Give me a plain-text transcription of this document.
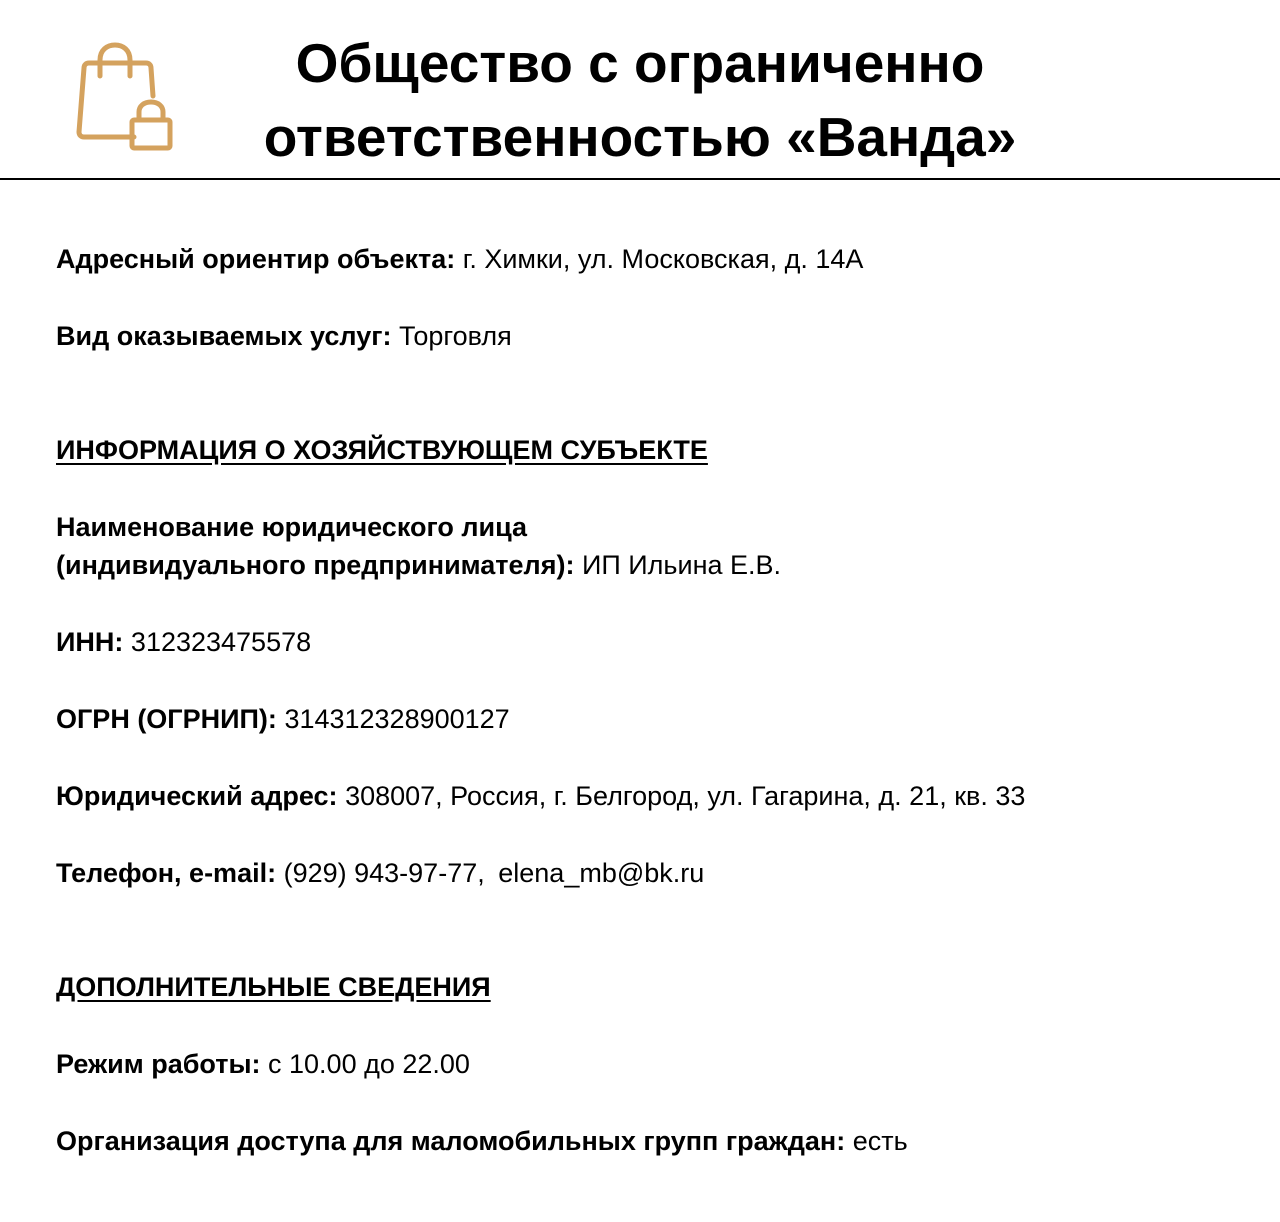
Общество с ограниченно
ответственностью «Ванда»
Адресный ориентир объекта: г. Химки, ул. Московская, д. 14А
Вид оказываемых услуг: Торговля
ИНФОРМАЦИЯ О ХОЗЯЙСТВУЮЩЕМ СУБЪЕКТЕ
Наименование юридического лица
(индивидуального предпринимателя): ИП Ильина Е.В.
ИНН: 312323475578
ОГРН (ОГРНИП): 314312328900127
Юридический адрес: 308007, Россия, г. Белгород, ул. Гагарина, д. 21, кв. 33
Телефон, e-mail: (929) 943-97-77, elena_mb@bk.ru
ДОПОЛНИТЕЛЬНЫЕ СВЕДЕНИЯ
Режим работы: с 10.00 до 22.00
Организация доступа для маломобильных групп граждан: есть
